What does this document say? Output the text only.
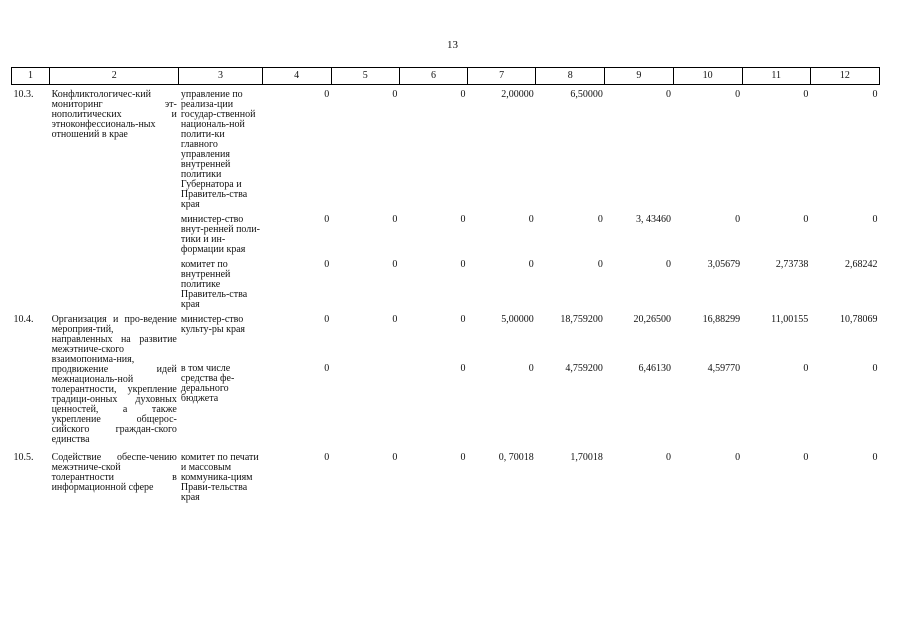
13
1	2	3	4	5	6	7	8	9	10	11	12
10.3.	Конфликтологичес-кий мониторинг эт-нополитических и этноконфессиональ-ных отношений в крае	управление по реализа-ции государ-ственной националь-ной полити-ки главного управления внутренней политики Губернатора и Правитель-ства края	0	0	0	2,00000	6,50000	0	0	0	0
		министер-ство внут-ренней поли-тики и ин-формации края	0	0	0	0	0	3, 43460	0	0	0
		комитет по внутренней политике Правитель-ства края	0	0	0	0	0	0	3,05679	2,73738	2,68242
10.4.	Организация и про-ведение мероприя-тий, направленных на развитие межэтниче-ского взаимопонима-ния, продвижение идей межнациональ-ной толерантности, укрепление традици-онных духовных ценностей, а также укрепление общерос-сийского граждан-ского единства	министер-ство культу-ры края	0	0	0	5,00000	18,759200	20,26500	16,88299	11,00155	10,78069
		в том числе средства фе-дерального бюджета	0		0	0	4,759200	6,46130	4,59770	0	0
10.5.	Содействие обеспе-чению межэтниче-ской толерантности в информационной сфере	комитет по печати и массовым коммуника-циям Прави-тельства края	0	0	0	0, 70018	1,70018	0	0	0	0
